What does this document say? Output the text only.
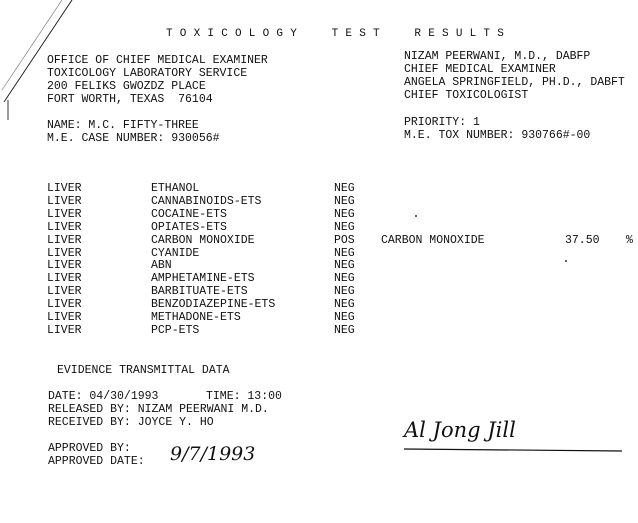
TOXICOLOGY  TEST  RESULTS
OFFICE OF CHIEF MEDICAL EXAMINER
TOXICOLOGY LABORATORY SERVICE
200 FELIKS GWOZDZ PLACE
FORT WORTH, TEXAS  76104
NIZAM PEERWANI, M.D., DABFP
CHIEF MEDICAL EXAMINER
ANGELA SPRINGFIELD, PH.D., DABFT
CHIEF TOXICOLOGIST
NAME: M.C. FIFTY-THREE
M.E. CASE NUMBER: 930056#
PRIORITY: 1
M.E. TOX NUMBER: 930766#-00
LIVER	ETHANOL	NEG
LIVER	CANNABINOIDS-ETS	NEG
LIVER	COCAINE-ETS	NEG
LIVER	OPIATES-ETS	NEG
LIVER	CARBON MONOXIDE	POS
LIVER	CYANIDE	NEG
LIVER	ABN	NEG
LIVER	AMPHETAMINE-ETS	NEG
LIVER	BARBITUATE-ETS	NEG
LIVER	BENZODIAZEPINE-ETS	NEG
LIVER	METHADONE-ETS	NEG
LIVER	PCP-ETS	NEG
CARBON MONOXIDE	37.50 %
EVIDENCE TRANSMITTAL DATA
DATE: 04/30/1993	TIME: 13:00
RELEASED BY: NIZAM PEERWANI M.D.
RECEIVED BY: JOYCE Y. HO
APPROVED BY:
APPROVED DATE: 9/7/1993
Al Jong Jill
